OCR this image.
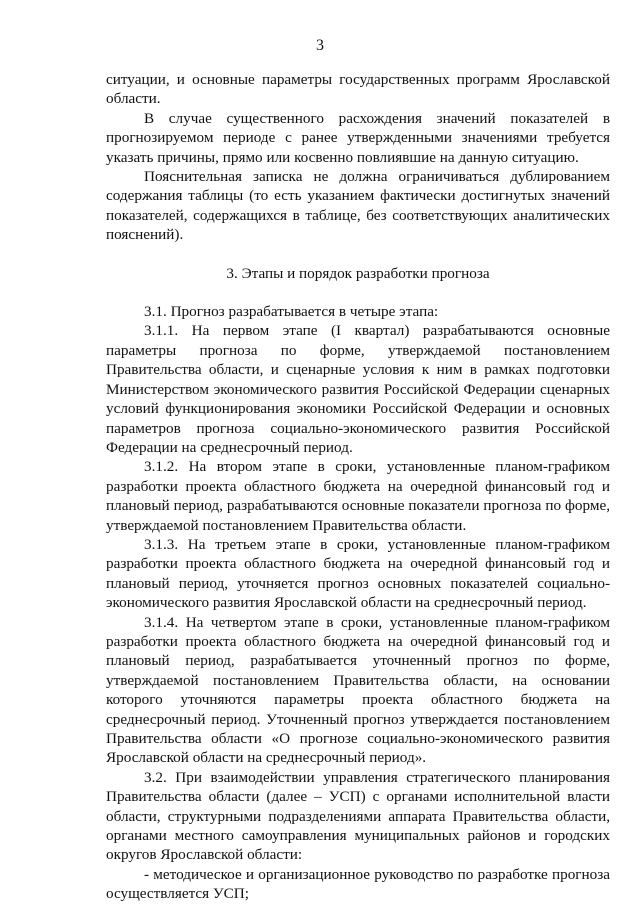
3

ситуации, и основные параметры государственных программ Ярославской области.

В случае существенного расхождения значений показателей в прогнозируемом периоде с ранее утвержденными значениями требуется указать причины, прямо или косвенно повлиявшие на данную ситуацию.

Пояснительная записка не должна ограничиваться дублированием содержания таблицы (то есть указанием фактически достигнутых значений показателей, содержащихся в таблице, без соответствующих аналитических пояснений).

3. Этапы и порядок разработки прогноза

3.1. Прогноз разрабатывается в четыре этапа:

3.1.1. На первом этапе (I квартал) разрабатываются основные параметры прогноза по форме, утверждаемой постановлением Правительства области, и сценарные условия к ним в рамках подготовки Министерством экономического развития Российской Федерации сценарных условий функционирования экономики Российской Федерации и основных параметров прогноза социально-экономического развития Российской Федерации на среднесрочный период.

3.1.2. На втором этапе в сроки, установленные планом-графиком разработки проекта областного бюджета на очередной финансовый год и плановый период, разрабатываются основные показатели прогноза по форме, утверждаемой постановлением Правительства области.

3.1.3. На третьем этапе в сроки, установленные планом-графиком разработки проекта областного бюджета на очередной финансовый год и плановый период, уточняется прогноз основных показателей социально-экономического развития Ярославской области на среднесрочный период.

3.1.4. На четвертом этапе в сроки, установленные планом-графиком разработки проекта областного бюджета на очередной финансовый год и плановый период, разрабатывается уточненный прогноз по форме, утверждаемой постановлением Правительства области, на основании которого уточняются параметры проекта областного бюджета на среднесрочный период. Уточненный прогноз утверждается постановлением Правительства области «О прогнозе социально-экономического развития Ярославской области на среднесрочный период».

3.2. При взаимодействии управления стратегического планирования Правительства области (далее – УСП) с органами исполнительной власти области, структурными подразделениями аппарата Правительства области, органами местного самоуправления муниципальных районов и городских округов Ярославской области:

- методическое и организационное руководство по разработке прогноза осуществляется УСП;
